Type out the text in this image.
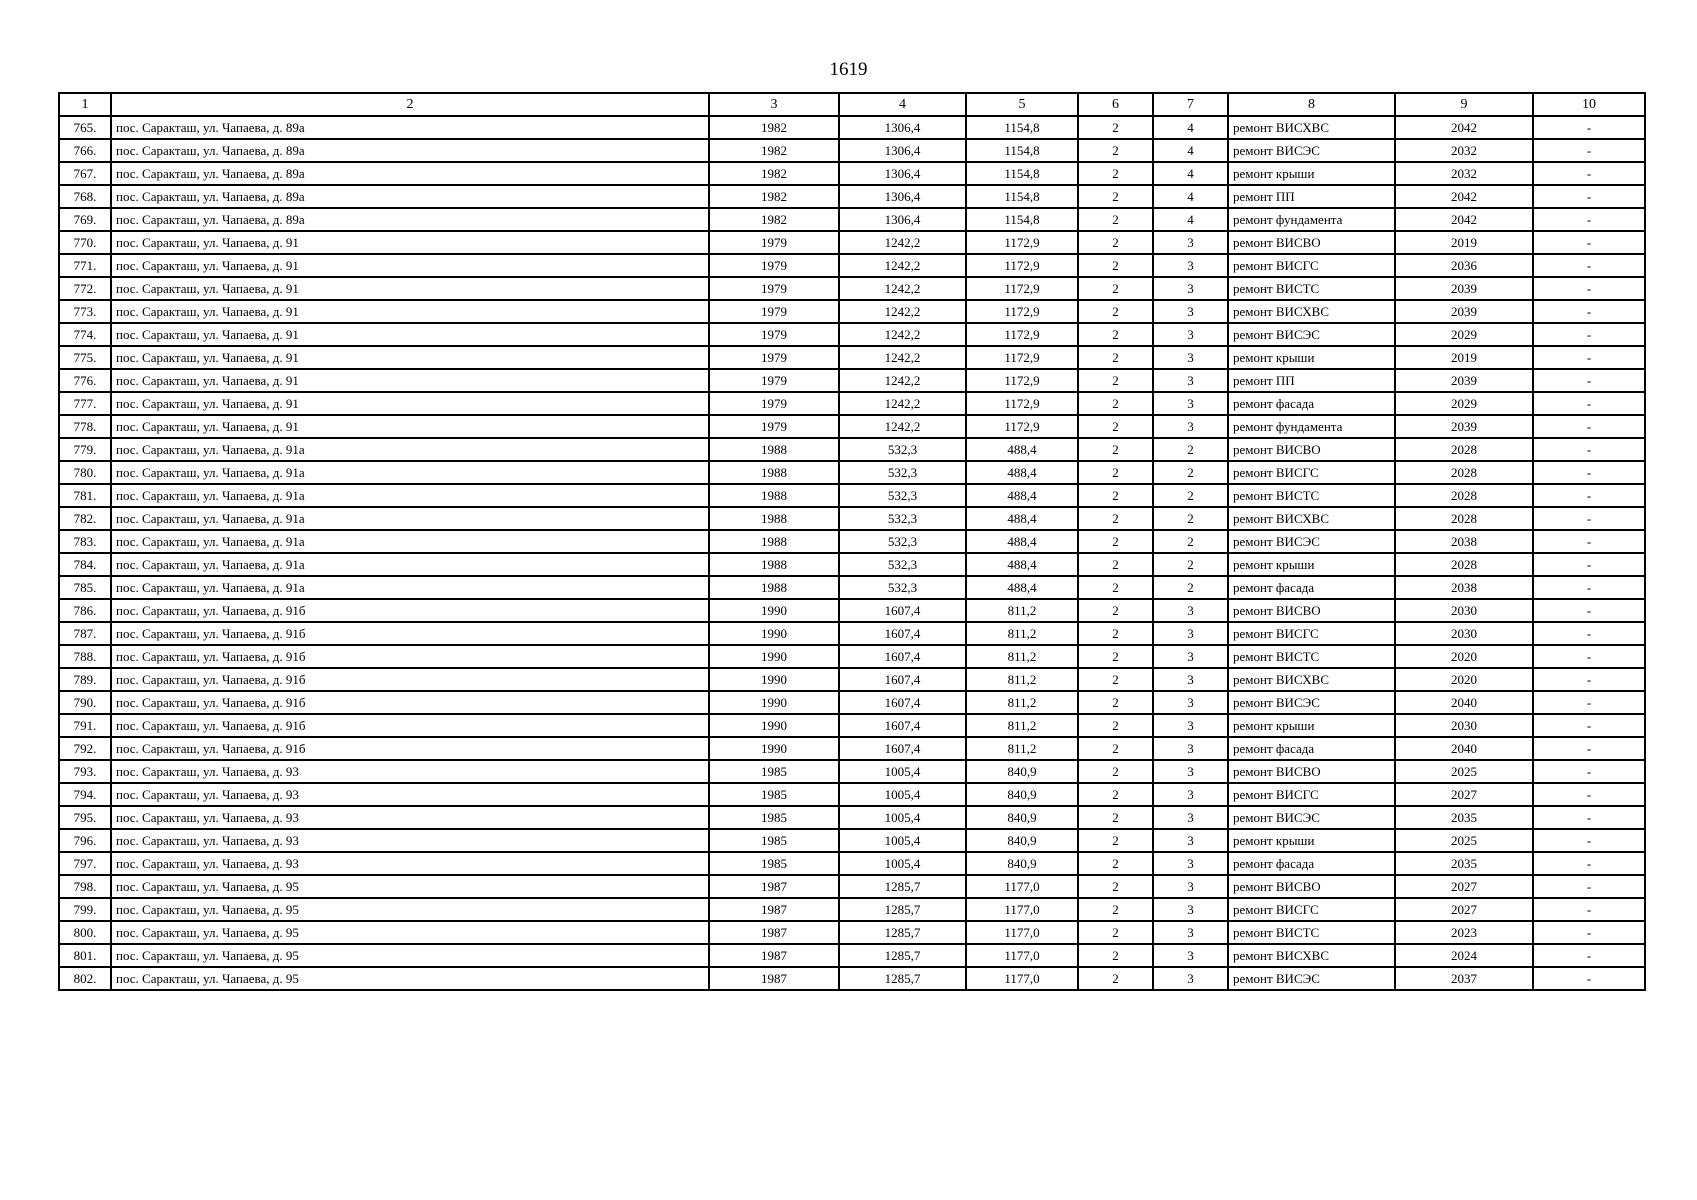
1619
1	2	3	4	5	6	7	8	9	10
765.	пос. Саракташ, ул. Чапаева, д. 89а	1982	1306,4	1154,8	2	4	ремонт ВИСХВС	2042	-
766.	пос. Саракташ, ул. Чапаева, д. 89а	1982	1306,4	1154,8	2	4	ремонт ВИСЭС	2032	-
767.	пос. Саракташ, ул. Чапаева, д. 89а	1982	1306,4	1154,8	2	4	ремонт крыши	2032	-
768.	пос. Саракташ, ул. Чапаева, д. 89а	1982	1306,4	1154,8	2	4	ремонт ПП	2042	-
769.	пос. Саракташ, ул. Чапаева, д. 89а	1982	1306,4	1154,8	2	4	ремонт фундамента	2042	-
770.	пос. Саракташ, ул. Чапаева, д. 91	1979	1242,2	1172,9	2	3	ремонт ВИСВО	2019	-
771.	пос. Саракташ, ул. Чапаева, д. 91	1979	1242,2	1172,9	2	3	ремонт ВИСГС	2036	-
772.	пос. Саракташ, ул. Чапаева, д. 91	1979	1242,2	1172,9	2	3	ремонт ВИСТС	2039	-
773.	пос. Саракташ, ул. Чапаева, д. 91	1979	1242,2	1172,9	2	3	ремонт ВИСХВС	2039	-
774.	пос. Саракташ, ул. Чапаева, д. 91	1979	1242,2	1172,9	2	3	ремонт ВИСЭС	2029	-
775.	пос. Саракташ, ул. Чапаева, д. 91	1979	1242,2	1172,9	2	3	ремонт крыши	2019	-
776.	пос. Саракташ, ул. Чапаева, д. 91	1979	1242,2	1172,9	2	3	ремонт ПП	2039	-
777.	пос. Саракташ, ул. Чапаева, д. 91	1979	1242,2	1172,9	2	3	ремонт фасада	2029	-
778.	пос. Саракташ, ул. Чапаева, д. 91	1979	1242,2	1172,9	2	3	ремонт фундамента	2039	-
779.	пос. Саракташ, ул. Чапаева, д. 91а	1988	532,3	488,4	2	2	ремонт ВИСВО	2028	-
780.	пос. Саракташ, ул. Чапаева, д. 91а	1988	532,3	488,4	2	2	ремонт ВИСГС	2028	-
781.	пос. Саракташ, ул. Чапаева, д. 91а	1988	532,3	488,4	2	2	ремонт ВИСТС	2028	-
782.	пос. Саракташ, ул. Чапаева, д. 91а	1988	532,3	488,4	2	2	ремонт ВИСХВС	2028	-
783.	пос. Саракташ, ул. Чапаева, д. 91а	1988	532,3	488,4	2	2	ремонт ВИСЭС	2038	-
784.	пос. Саракташ, ул. Чапаева, д. 91а	1988	532,3	488,4	2	2	ремонт крыши	2028	-
785.	пос. Саракташ, ул. Чапаева, д. 91а	1988	532,3	488,4	2	2	ремонт фасада	2038	-
786.	пос. Саракташ, ул. Чапаева, д. 91б	1990	1607,4	811,2	2	3	ремонт ВИСВО	2030	-
787.	пос. Саракташ, ул. Чапаева, д. 91б	1990	1607,4	811,2	2	3	ремонт ВИСГС	2030	-
788.	пос. Саракташ, ул. Чапаева, д. 91б	1990	1607,4	811,2	2	3	ремонт ВИСТС	2020	-
789.	пос. Саракташ, ул. Чапаева, д. 91б	1990	1607,4	811,2	2	3	ремонт ВИСХВС	2020	-
790.	пос. Саракташ, ул. Чапаева, д. 91б	1990	1607,4	811,2	2	3	ремонт ВИСЭС	2040	-
791.	пос. Саракташ, ул. Чапаева, д. 91б	1990	1607,4	811,2	2	3	ремонт крыши	2030	-
792.	пос. Саракташ, ул. Чапаева, д. 91б	1990	1607,4	811,2	2	3	ремонт фасада	2040	-
793.	пос. Саракташ, ул. Чапаева, д. 93	1985	1005,4	840,9	2	3	ремонт ВИСВО	2025	-
794.	пос. Саракташ, ул. Чапаева, д. 93	1985	1005,4	840,9	2	3	ремонт ВИСГС	2027	-
795.	пос. Саракташ, ул. Чапаева, д. 93	1985	1005,4	840,9	2	3	ремонт ВИСЭС	2035	-
796.	пос. Саракташ, ул. Чапаева, д. 93	1985	1005,4	840,9	2	3	ремонт крыши	2025	-
797.	пос. Саракташ, ул. Чапаева, д. 93	1985	1005,4	840,9	2	3	ремонт фасада	2035	-
798.	пос. Саракташ, ул. Чапаева, д. 95	1987	1285,7	1177,0	2	3	ремонт ВИСВО	2027	-
799.	пос. Саракташ, ул. Чапаева, д. 95	1987	1285,7	1177,0	2	3	ремонт ВИСГС	2027	-
800.	пос. Саракташ, ул. Чапаева, д. 95	1987	1285,7	1177,0	2	3	ремонт ВИСТС	2023	-
801.	пос. Саракташ, ул. Чапаева, д. 95	1987	1285,7	1177,0	2	3	ремонт ВИСХВС	2024	-
802.	пос. Саракташ, ул. Чапаева, д. 95	1987	1285,7	1177,0	2	3	ремонт ВИСЭС	2037	-
